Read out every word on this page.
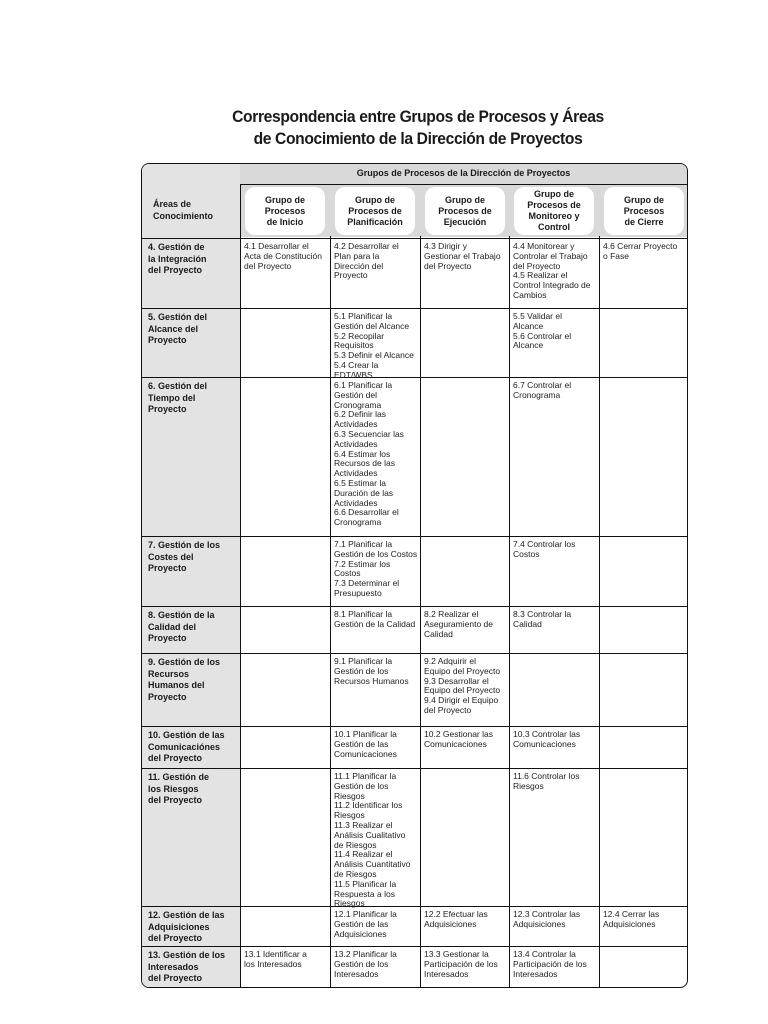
Correspondencia entre Grupos de Procesos y Áreas
de Conocimiento de la Dirección de Proyectos
Grupos de Procesos de la Dirección de Proyectos
Áreas de
Conocimiento
Grupo de
Procesos
de Inicio
Grupo de
Procesos de
Planificación
Grupo de
Procesos de
Ejecución
Grupo de
Procesos de
Monitoreo y
Control
Grupo de
Procesos
de Cierre
4. Gestión de
la Integración
del Proyecto
4.1 Desarrollar el
Acta de Constitución
del Proyecto
4.2 Desarrollar el
Plan para la
Dirección del
Proyecto
4.3 Dirigir y
Gestionar el Trabajo
del Proyecto
4.4 Monitorear y
Controlar el Trabajo
del Proyecto
4.5 Realizar el
Control Integrado de
Cambios
4.6 Cerrar Proyecto
o Fase
5. Gestión del
Alcance del
Proyecto
5.1 Planificar la
Gestión del Alcance
5.2 Recopilar
Requisitos
5.3 Definir el Alcance
5.4 Crear la EDT/WBS
5.5 Validar el
Alcance
5.6 Controlar el
Alcance
6. Gestión del
Tiempo del
Proyecto
6.1 Planificar la
Gestión del
Cronograma
6.2 Definir las
Actividades
6.3 Secuenciar las
Actividades
6.4 Estimar los
Recursos de las
Actividades
6.5 Estimar la
Duración de las
Actividades
6.6 Desarrollar el
Cronograma
6.7 Controlar el
Cronograma
7. Gestión de los
Costes del
Proyecto
7.1 Planificar la
Gestión de los Costos
7.2 Estimar los
Costos
7.3 Determinar el
Presupuesto
7.4 Controlar los
Costos
8. Gestión de la
Calidad del
Proyecto
8.1 Planificar la
Gestión de la Calidad
8.2 Realizar el
Aseguramiento de
Calidad
8.3 Controlar la
Calidad
9. Gestión de los
Recursos
Humanos del
Proyecto
9.1 Planificar la
Gestión de los
Recursos Humanos
9.2 Adquirir el
Equipo del Proyecto
9.3 Desarrollar el
Equipo del Proyecto
9.4 Dirigir el Equipo
del Proyecto
10. Gestión de las
Comunicaciónes
del Proyecto
10.1 Planificar la
Gestión de las
Comunicaciones
10.2 Gestionar las
Comunicaciones
10.3 Controlar las
Comunicaciones
11. Gestión de
los Riesgos
del Proyecto
11.1 Planificar la
Gestión de los Riesgos
11.2 Identificar los
Riesgos
11.3 Realizar el
Análisis Cualitativo
de Riesgos
11.4 Realizar el
Análisis Cuantitativo
de Riesgos
11.5 Planificar la
Respuesta a los
Riesgos
11.6 Controlar los
Riesgos
12. Gestión de las
Adquisiciones
del Proyecto
12.1 Planificar la
Gestión de las
Adquisiciones
12.2 Efectuar las
Adquisiciones
12.3 Controlar las
Adquisiciones
12.4 Cerrar las
Adquisiciones
13. Gestión de los
Interesados
del Proyecto
13.1 Identificar a
los Interesados
13.2 Planificar la
Gestión de los
Interesados
13.3 Gestionar la
Participación de los
Interesados
13.4 Controlar la
Participación de los
Interesados
